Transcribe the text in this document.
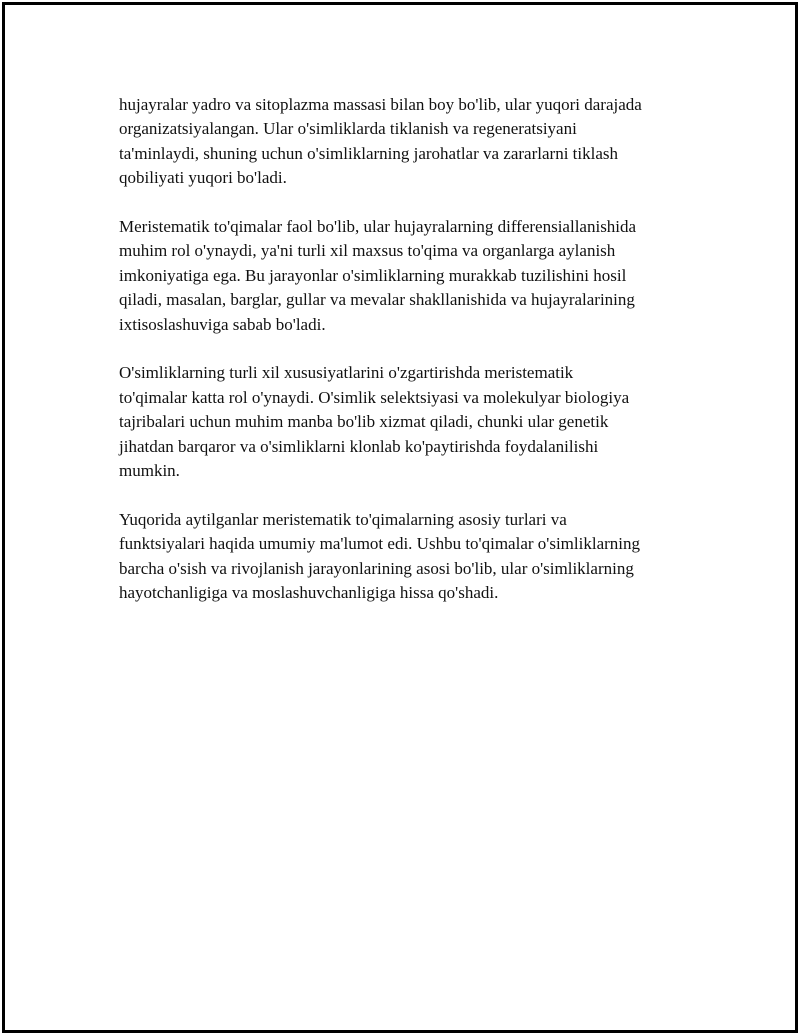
hujayralar yadro va sitoplazma massasi bilan boy bo'lib, ular yuqori darajada
organizatsiyalangan. Ular o'simliklarda tiklanish va regeneratsiyani
ta'minlaydi, shuning uchun o'simliklarning jarohatlar va zararlarni tiklash
qobiliyati yuqori bo'ladi.

Meristematik to'qimalar faol bo'lib, ular hujayralarning differensiallanishida
muhim rol o'ynaydi, ya'ni turli xil maxsus to'qima va organlarga aylanish
imkoniyatiga ega. Bu jarayonlar o'simliklarning murakkab tuzilishini hosil
qiladi, masalan, barglar, gullar va mevalar shakllanishida va hujayralarining
ixtisoslashuviga sabab bo'ladi.

O'simliklarning turli xil xususiyatlarini o'zgartirishda meristematik
to'qimalar katta rol o'ynaydi. O'simlik selektsiyasi va molekulyar biologiya
tajribalari uchun muhim manba bo'lib xizmat qiladi, chunki ular genetik
jihatdan barqaror va o'simliklarni klonlab ko'paytirishda foydalanilishi
mumkin.

Yuqorida aytilganlar meristematik to'qimalarning asosiy turlari va
funktsiyalari haqida umumiy ma'lumot edi. Ushbu to'qimalar o'simliklarning
barcha o'sish va rivojlanish jarayonlarining asosi bo'lib, ular o'simliklarning
hayotchanligiga va moslashuvchanligiga hissa qo'shadi.
